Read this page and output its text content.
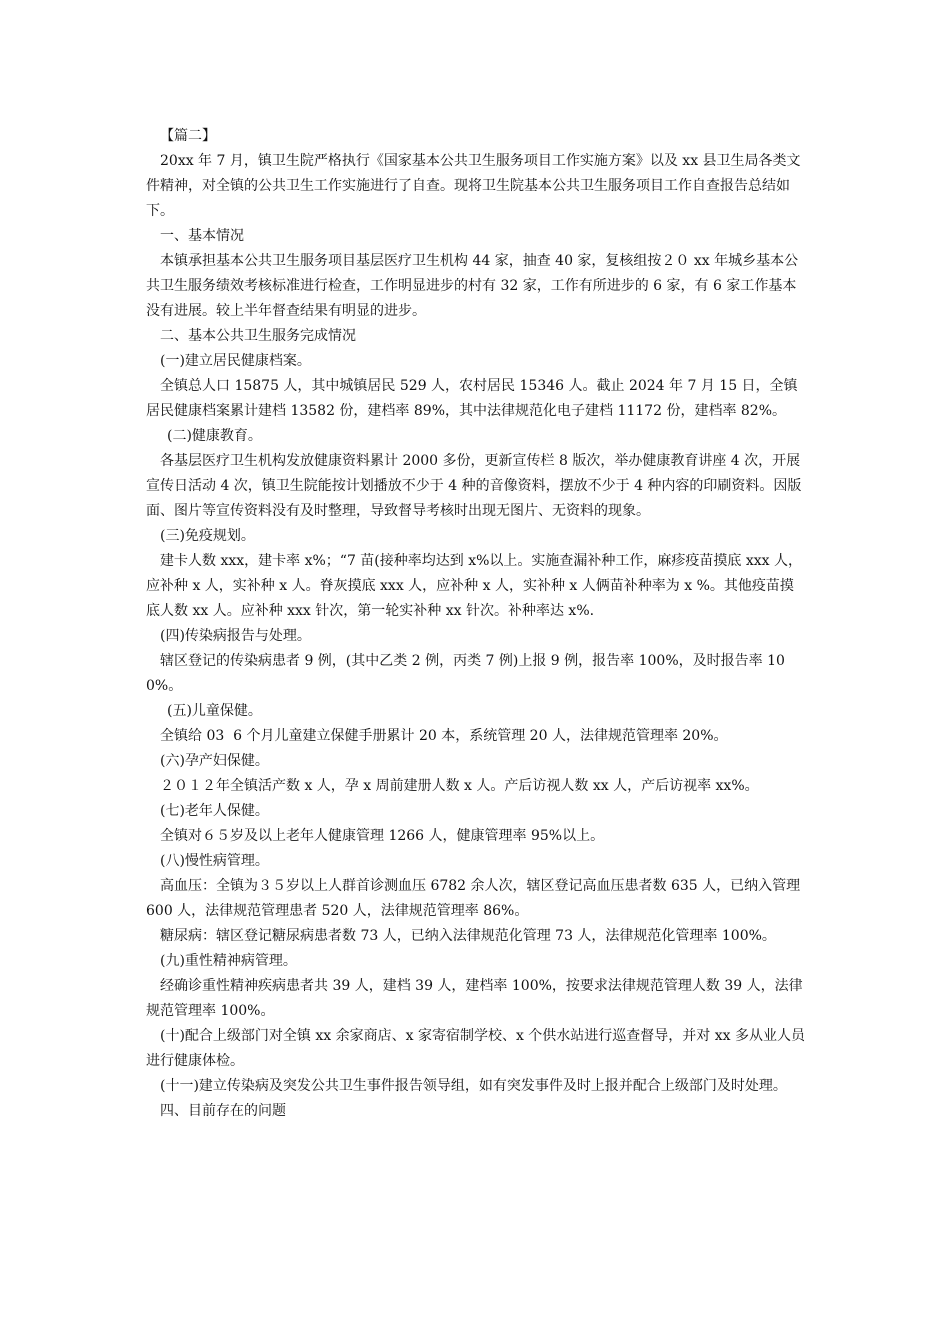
【篇二】

20xx 年 7 月，镇卫生院严格执行《国家基本公共卫生服务项目工作实施方案》以及 xx 县卫生局各类文件精神，对全镇的公共卫生工作实施进行了自查。现将卫生院基本公共卫生服务项目工作自查报告总结如下。

一、基本情况

本镇承担基本公共卫生服务项目基层医疗卫生机构 44 家，抽查 40 家，复核组按２０ xx 年城乡基本公共卫生服务绩效考核标准进行检查，工作明显进步的村有 32 家，工作有所进步的 6 家，有 6 家工作基本没有进展。较上半年督查结果有明显的进步。

二、基本公共卫生服务完成情况

(一)建立居民健康档案。

全镇总人口 15875 人，其中城镇居民 529 人，农村居民 15346 人。截止 2024 年 7 月 15 日，全镇居民健康档案累计建档 13582 份，建档率 89%，其中法律规范化电子建档 11172 份，建档率 82%。

(二)健康教育。

各基层医疗卫生机构发放健康资料累计 2000 多份，更新宣传栏 8 版次，举办健康教育讲座 4 次，开展宣传日活动 4 次，镇卫生院能按计划播放不少于 4 种的音像资料，摆放不少于 4 种内容的印刷资料。因版面、图片等宣传资料没有及时整理，导致督导考核时出现无图片、无资料的现象。

(三)免疫规划。

建卡人数 xxx，建卡率 x%；“7 苗(接种率均达到 x%以上。实施查漏补种工作，麻疹疫苗摸底 xxx 人，应补种 x 人，实补种 x 人。脊灰摸底 xxx 人，应补种 x 人，实补种 x 人俩苗补种率为 x %。其他疫苗摸底人数 xx 人。应补种 xxx 针次，第一轮实补种 xx 针次。补种率达 x%.

(四)传染病报告与处理。

辖区登记的传染病患者 9 例，(其中乙类 2 例，丙类 7 例)上报 9 例，报告率 100%，及时报告率 100%。

(五)儿童保健。

全镇给 03  6 个月儿童建立保健手册累计 20 本，系统管理 20 人，法律规范管理率 20%。

(六)孕产妇保健。

２０１２年全镇活产数 x 人，孕 x 周前建册人数 x 人。产后访视人数 xx 人，产后访视率 xx%。

(七)老年人保健。

全镇对６５岁及以上老年人健康管理 1266 人，健康管理率 95%以上。

(八)慢性病管理。

高血压：全镇为３５岁以上人群首诊测血压 6782 余人次，辖区登记高血压患者数 635 人，已纳入管理 600 人，法律规范管理患者 520 人，法律规范管理率 86%。

糖尿病：辖区登记糖尿病患者数 73 人，已纳入法律规范化管理 73 人，法律规范化管理率 100%。

(九)重性精神病管理。

经确诊重性精神疾病患者共 39 人，建档 39 人，建档率 100%，按要求法律规范管理人数 39 人，法律规范管理率 100%。

(十)配合上级部门对全镇 xx 余家商店、x 家寄宿制学校、x 个供水站进行巡查督导，并对 xx 多从业人员进行健康体检。

(十一)建立传染病及突发公共卫生事件报告领导组，如有突发事件及时上报并配合上级部门及时处理。

四、目前存在的问题
